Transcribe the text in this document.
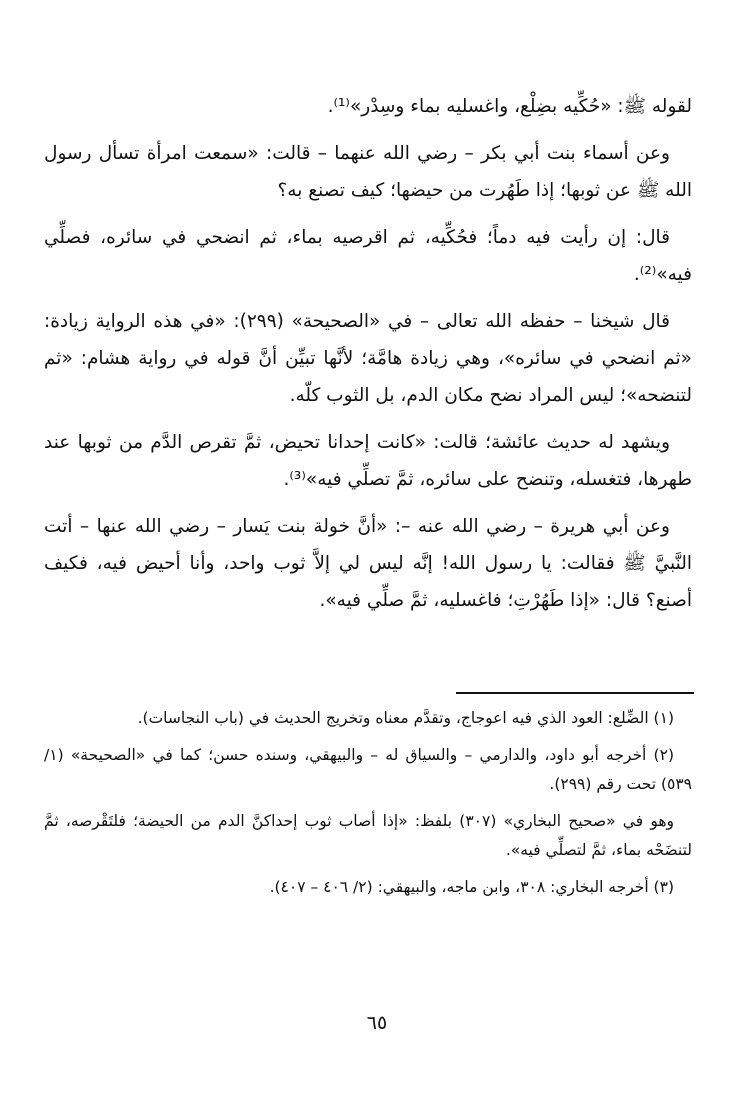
لقوله ﷺ: «حُكِّيه بضِلْع، واغسليه بماء وسِدْر»⁽¹⁾.

وعن أسماء بنت أبي بكر – رضي الله عنهما – قالت: «سمعت امرأة تسأل رسول الله ﷺ عن ثوبها؛ إذا طَهُرت من حيضها؛ كيف تصنع به؟

قال: إن رأيت فيه دماً؛ فحُكِّيه، ثم اقرصيه بماء، ثم انضحي في سائره، فصلِّي فيه»⁽²⁾.

قال شيخنا – حفظه الله تعالى – في «الصحيحة» (٢٩٩): «في هذه الرواية زيادة: «ثم انضحي في سائره»، وهي زيادة هامَّة؛ لأنَّها تبيِّن أنَّ قوله في رواية هشام: «ثم لتنضحه»؛ ليس المراد نضح مكان الدم، بل الثوب كلّه.

ويشهد له حديث عائشة؛ قالت: «كانت إحدانا تحيض، ثمَّ تقرص الدَّم من ثوبها عند طهرها، فتغسله، وتنضح على سائره، ثمَّ تصلِّي فيه»⁽³⁾.

وعن أبي هريرة – رضي الله عنه –: «أنَّ خولة بنت يَسار – رضي الله عنها – أتت النَّبيَّ ﷺ فقالت: يا رسول الله! إنَّه ليس لي إلاَّ ثوب واحد، وأنا أحيض فيه، فكيف أصنع؟ قال: «إذا طَهُرْتِ؛ فاغسليه، ثمَّ صلِّي فيه».

(١) الضِّلع: العود الذي فيه اعوجاج، وتقدَّم معناه وتخريج الحديث في (باب النجاسات).

(٢) أخرجه أبو داود، والدارمي – والسياق له – والبيهقي، وسنده حسن؛ كما في «الصحيحة» (١/ ٥٣٩) تحت رقم (٢٩٩).

وهو في «صحيح البخاري» (٣٠٧) بلفظ: «إذا أصاب ثوب إحداكنَّ الدم من الحيضة؛ فلتَقْرصه، ثمَّ لتنضَحْه بماء، ثمَّ لتصلِّي فيه».

(٣) أخرجه البخاري: ٣٠٨، وابن ماجه، والبيهقي: (٢/ ٤٠٦ – ٤٠٧).

٦٥
